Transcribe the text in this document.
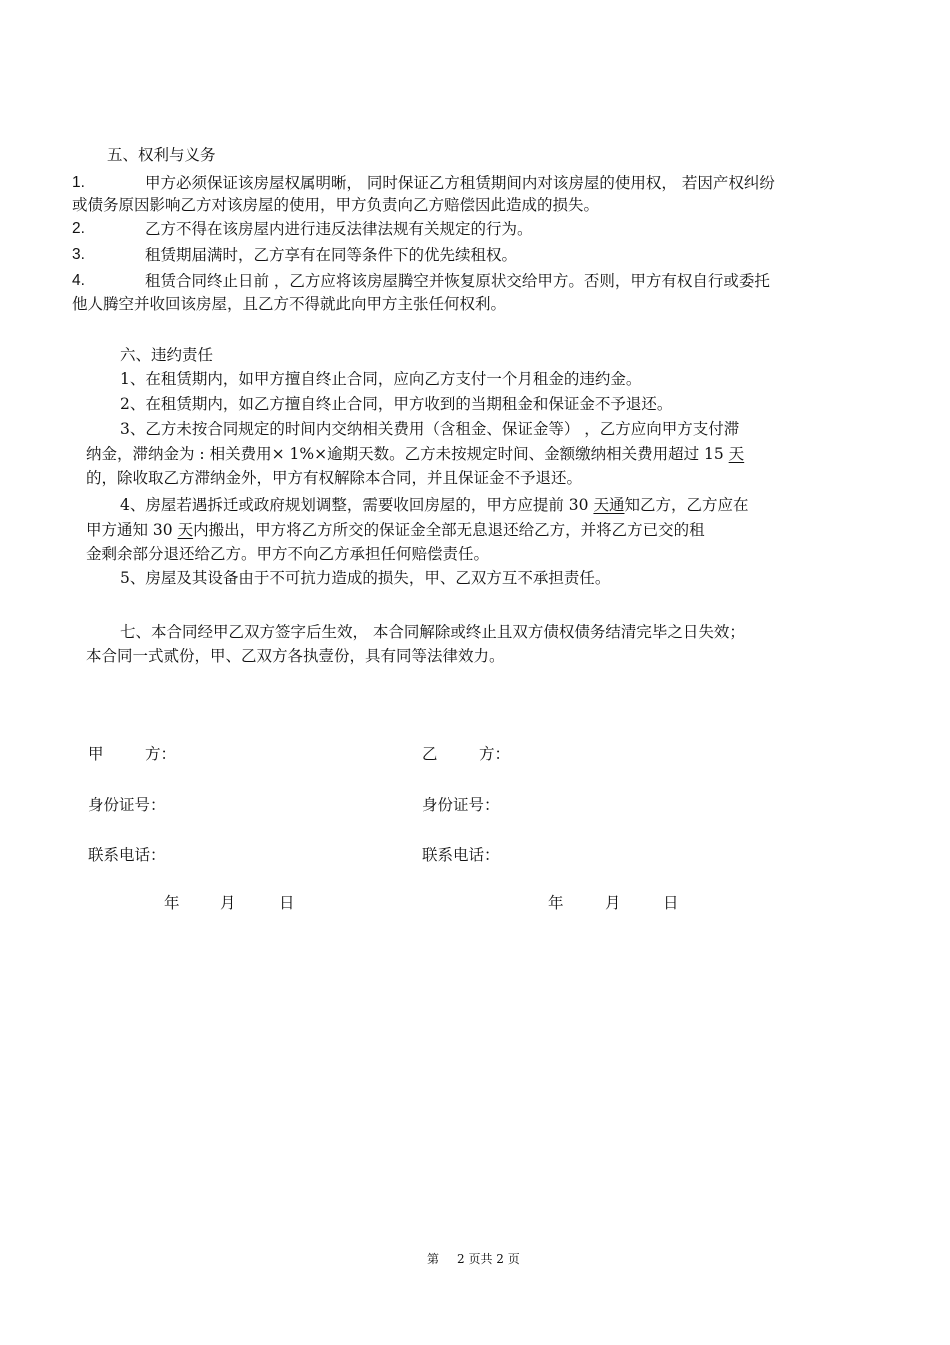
五、权利与义务
1.	甲方必须保证该房屋权属明晰， 同时保证乙方租赁期间内对该房屋的使用权， 若因产权纠纷
或债务原因影响乙方对该房屋的使用，甲方负责向乙方赔偿因此造成的损失。
2.	乙方不得在该房屋内进行违反法律法规有关规定的行为。
3.	租赁期届满时，乙方享有在同等条件下的优先续租权。
4.	租赁合同终止日前 ，乙方应将该房屋腾空并恢复原状交给甲方。否则，甲方有权自行或委托
他人腾空并收回该房屋，且乙方不得就此向甲方主张任何权利。
六、违约责任
1、在租赁期内，如甲方擅自终止合同，应向乙方支付一个月租金的违约金。
2、在租赁期内，如乙方擅自终止合同，甲方收到的当期租金和保证金不予退还。
3、乙方未按合同规定的时间内交纳相关费用（含租金、保证金等） ，乙方应向甲方支付滞
纳金，滞纳金为 : 相关费用× 1%×逾期天数。乙方未按规定时间、金额缴纳相关费用超过 15 天
的，除收取乙方滞纳金外，甲方有权解除本合同，并且保证金不予退还。
4、房屋若遇拆迁或政府规划调整，需要收回房屋的，甲方应提前 30 天通知乙方，乙方应在
甲方通知 30 天内搬出，甲方将乙方所交的保证金全部无息退还给乙方，并将乙方已交的租
金剩余部分退还给乙方。甲方不向乙方承担任何赔偿责任。
5、房屋及其设备由于不可抗力造成的损失，甲、乙双方互不承担责任。
七、本合同经甲乙双方签字后生效， 本合同解除或终止且双方债权债务结清完毕之日失效；
本合同一式贰份，甲、乙双方各执壹份，具有同等法律效力。
甲	方：	乙	方：
身份证号：	身份证号：
联系电话：	联系电话：
年	月	日	年	月	日
第 2 页共 2 页
